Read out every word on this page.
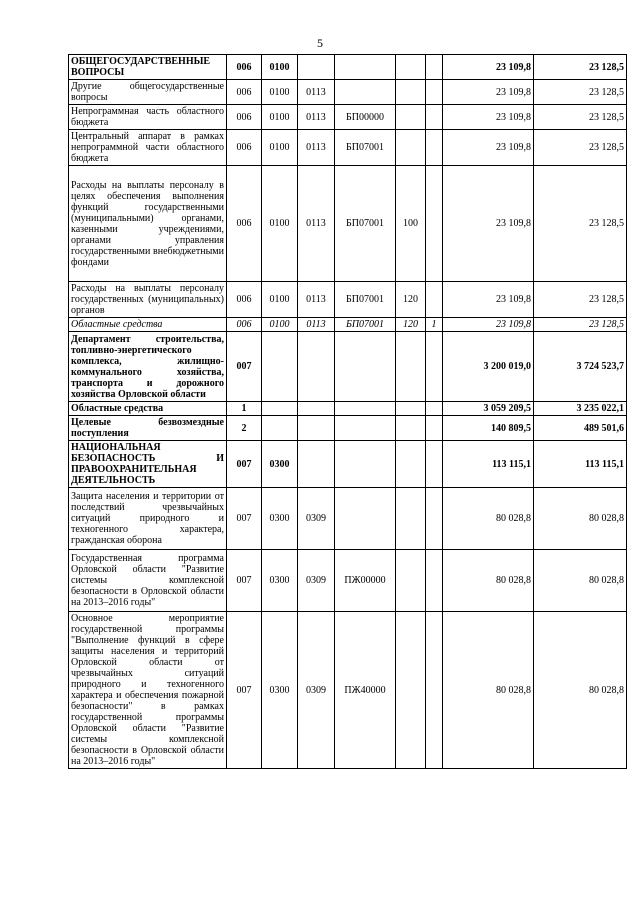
5
ОБЩЕГОСУДАРСТВЕННЫЕ ВОПРОСЫ	006	0100					23 109,8	23 128,5
Другие общегосударственные вопросы	006	0100	0113				23 109,8	23 128,5
Непрограммная часть областного бюджета	006	0100	0113	БП00000			23 109,8	23 128,5
Центральный аппарат в рамках непрограммной части областного бюджета	006	0100	0113	БП07001			23 109,8	23 128,5
Расходы на выплаты персоналу в целях обеспечения выполнения функций государственными (муниципальными) органами, казенными учреждениями, органами управления государственными внебюджетными фондами	006	0100	0113	БП07001	100		23 109,8	23 128,5
Расходы на выплаты персоналу государственных (муниципальных) органов	006	0100	0113	БП07001	120		23 109,8	23 128,5
Областные средства	006	0100	0113	БП07001	120	1	23 109,8	23 128,5
Департамент строительства, топливно-энергетического комплекса, жилищно-коммунального хозяйства, транспорта и дорожного хозяйства Орловской области	007						3 200 019,0	3 724 523,7
Областные средства	1						3 059 209,5	3 235 022,1
Целевые безвозмездные поступления	2						140 809,5	489 501,6
НАЦИОНАЛЬНАЯ БЕЗОПАСНОСТЬ И ПРАВООХРАНИТЕЛЬНАЯ ДЕЯТЕЛЬНОСТЬ	007	0300					113 115,1	113 115,1
Защита населения и территории от последствий чрезвычайных ситуаций природного и техногенного характера, гражданская оборона	007	0300	0309				80 028,8	80 028,8
Государственная программа Орловской области "Развитие системы комплексной безопасности в Орловской области на 2013–2016 годы"	007	0300	0309	ПЖ00000			80 028,8	80 028,8
Основное мероприятие государственной программы "Выполнение функций в сфере защиты населения и территорий Орловской области от чрезвычайных ситуаций природного и техногенного характера и обеспечения пожарной безопасности" в рамках государственной программы Орловской области "Развитие системы комплексной безопасности в Орловской области на 2013–2016 годы"	007	0300	0309	ПЖ40000			80 028,8	80 028,8
